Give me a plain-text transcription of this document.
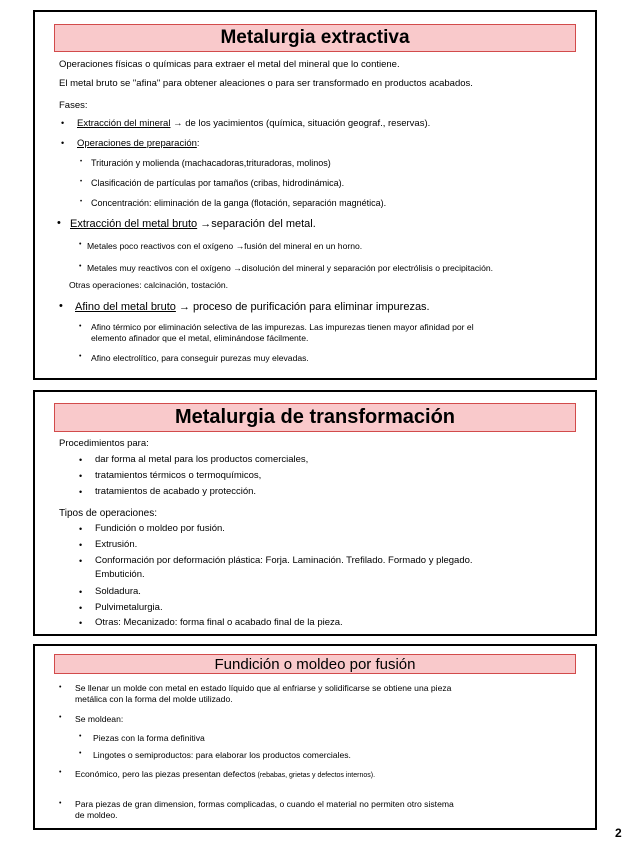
Metalurgia extractiva
Operaciones físicas o químicas para extraer el metal del mineral que lo contiene.
El metal bruto se "afina" para obtener aleaciones o para ser transformado en productos acabados.
Fases:
• Extracción del mineral → de los yacimientos (química, situación geograf., reservas).
• Operaciones de preparación:
• Trituración y molienda (machacadoras,trituradoras, molinos)
• Clasificación de partículas por tamaños (cribas, hidrodinámica).
• Concentración: eliminación de la ganga (flotación, separación magnética).
• Extracción del metal bruto →separación del metal.
• Metales poco reactivos con el oxígeno →fusión del mineral en un horno.
• Metales muy reactivos con el oxígeno →disolución del mineral y separación por electrólisis o precipitación.
Otras operaciones: calcinación, tostación.
• Afino del metal bruto → proceso de purificación para eliminar impurezas.
• Afino térmico por eliminación selectiva de las impurezas. Las impurezas tienen mayor afinidad por el
elemento afinador que el metal, eliminándose fácilmente.
• Afino electrolítico, para conseguir purezas muy elevadas.
Metalurgia de transformación
Procedimientos para:
• dar forma al metal para los productos comerciales,
• tratamientos térmicos o termoquímicos,
• tratamientos de acabado y protección.
Tipos de operaciones:
• Fundición o moldeo por fusión.
• Extrusión.
• Conformación por deformación plástica: Forja. Laminación. Trefilado. Formado y plegado.
Embutición.
• Soldadura.
• Pulvimetalurgia.
• Otras: Mecanizado: forma final o acabado final de la pieza.
Fundición o moldeo por fusión
• Se llenar un molde con metal en estado líquido que al enfriarse y solidificarse se obtiene una pieza
metálica con la forma del molde utilizado.
• Se moldean:
• Piezas con la forma definitiva
• Lingotes o semiproductos: para elaborar los productos comerciales.
• Económico, pero las piezas presentan defectos (rebabas, grietas y defectos internos).
• Para piezas de gran dimension, formas complicadas, o cuando el material no permiten otro sistema
de moldeo.
2
